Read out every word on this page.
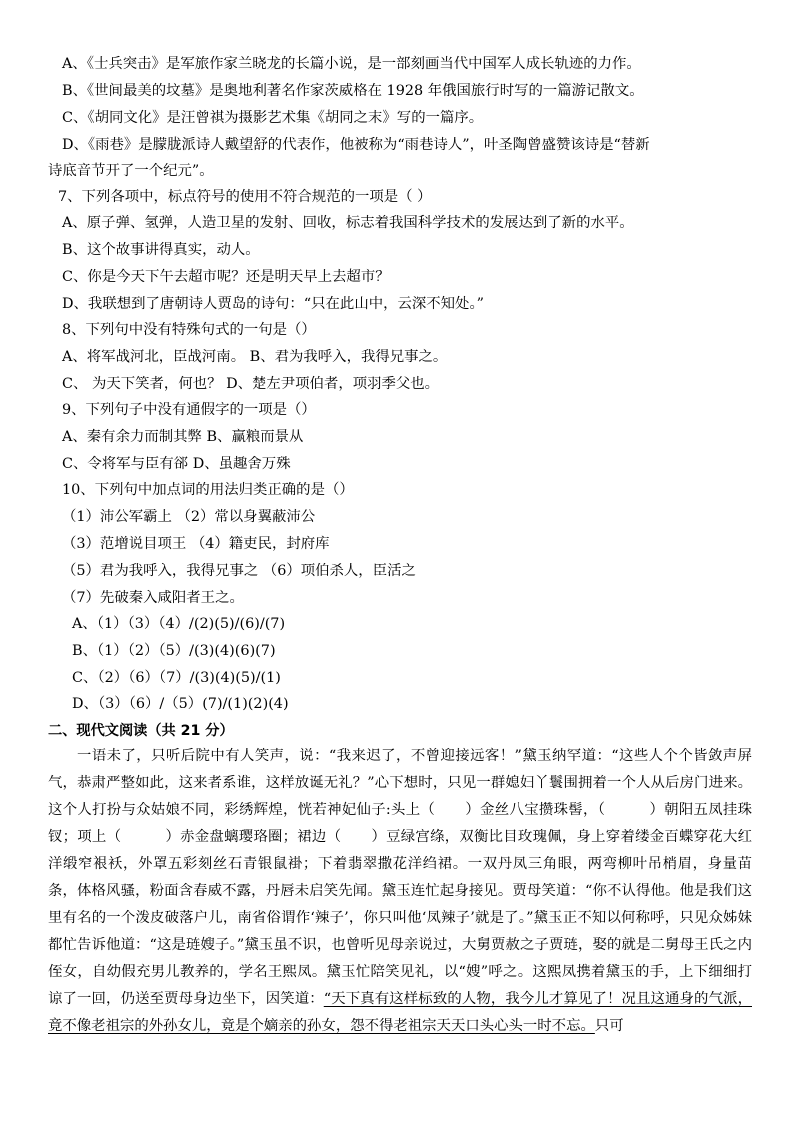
A、《士兵突击》是军旅作家兰晓龙的长篇小说，是一部刻画当代中国军人成长轨迹的力作。
B、《世间最美的坟墓》是奥地利著名作家茨威格在 1928 年俄国旅行时写的一篇游记散文。
C、《胡同文化》是汪曾祺为摄影艺术集《胡同之末》写的一篇序。
D、《雨巷》是朦胧派诗人戴望舒的代表作，他被称为“雨巷诗人”，叶圣陶曾盛赞该诗是“替新
诗底音节开了一个纪元”。
7、下列各项中，标点符号的使用不符合规范的一项是（ ）
A、原子弹、氢弹，人造卫星的发射、回收，标志着我国科学技术的发展达到了新的水平。
B、这个故事讲得真实，动人。
C、你是今天下午去超市呢？还是明天早上去超市？
D、我联想到了唐朝诗人贾岛的诗句：“只在此山中，云深不知处。”
8、下列句中没有特殊句式的一句是（）
A、将军战河北，臣战河南。 B、君为我呼入，我得兄事之。
C、 为天下笑者，何也？ D、楚左尹项伯者，项羽季父也。
9、下列句子中没有通假字的一项是（）
A、秦有余力而制其弊 B、赢粮而景从
C、令将军与臣有郤 D、虽趣舍万殊
10、下列句中加点词的用法归类正确的是（）
（1）沛公军霸上 （2）常以身翼蔽沛公
（3）范增说目项王 （4）籍吏民，封府库
（5）君为我呼入，我得兄事之 （6）项伯杀人，臣活之
（7）先破秦入咸阳者王之。
A、（1）（3）（4）/(2)(5)/(6)/(7)
B、（1）（2）（5）/(3)(4)(6)(7)
C、（2）（6）（7）/(3)(4)(5)/(1)
D、（3）（6）/（5）(7)/(1)(2)(4)
二、现代文阅读（共 21 分）
一语未了，只听后院中有人笑声，说：“我来迟了，不曾迎接远客！”黛玉纳罕道：“这些人个个皆敛声屏气，恭肃严整如此，这来者系谁，这样放诞无礼？”心下想时，只见一群媳妇丫鬟围拥着一个人从后房门进来。这个人打扮与众姑娘不同，彩绣辉煌，恍若神妃仙子:头上（ ）金丝八宝攒珠髻，（	）朝阳五凤挂珠钗；项上（	）赤金盘螭璎珞圈；裙边（ ）豆绿宫绦，双衡比目玫瑰佩，身上穿着缕金百蝶穿花大红洋缎窄裉袄，外罩五彩刻丝石青银鼠褂；下着翡翠撒花洋绉裙。一双丹凤三角眼，两弯柳叶吊梢眉，身量苗条，体格风骚，粉面含春威不露，丹唇未启笑先闻。黛玉连忙起身接见。贾母笑道：“你不认得他。他是我们这里有名的一个泼皮破落户儿，南省俗谓作‘辣子’，你只叫他‘凤辣子’就是了。”黛玉正不知以何称呼，只见众姊妹都忙告诉他道：“这是琏嫂子。”黛玉虽不识，也曾听见母亲说过，大舅贾赦之子贾琏，娶的就是二舅母王氏之内侄女，自幼假充男儿教养的，学名王熙凤。黛玉忙陪笑见礼，以“嫂”呼之。这熙凤携着黛玉的手，上下细细打谅了一回，仍送至贾母身边坐下，因笑道：“天下真有这样标致的人物，我今儿才算见了！况且这通身的气派，竟不像老祖宗的外孙女儿，竟是个嫡亲的孙女，怨不得老祖宗天天口头心头一时不忘。只可
